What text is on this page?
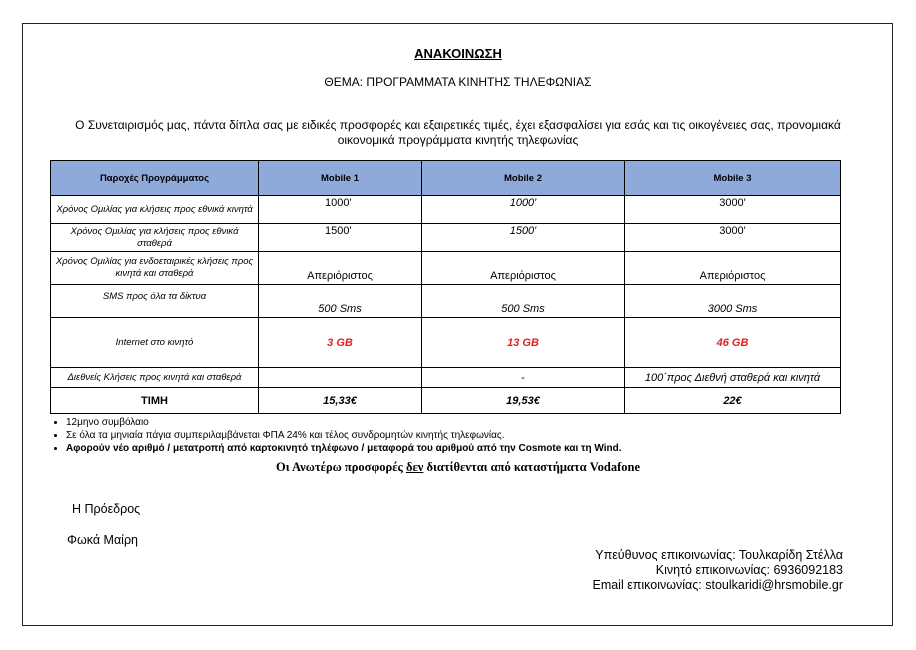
ΑΝΑΚΟΙΝΩΣΗ
ΘΕΜΑ: ΠΡΟΓΡΑΜΜΑΤΑ ΚΙΝΗΤΗΣ ΤΗΛΕΦΩΝΙΑΣ
Ο Συνεταιρισμός μας, πάντα δίπλα σας με ειδικές προσφορές και εξαιρετικές τιμές, έχει εξασφαλίσει για εσάς και τις οικογένειες σας, προνομιακά
οικονομικά προγράμματα κινητής τηλεφωνίας
Παροχές Προγράμματος	Mobile 1	Mobile 2	Mobile 3
Χρόνος Ομιλίας για κλήσεις προς εθνικά κινητά	1000'	1000'	3000'
Χρόνος Ομιλίας για κλήσεις προς εθνικά σταθερά	1500'	1500'	3000'
Χρόνος Ομιλίας για ενδοεταιρικές κλήσεις προς κινητά και σταθερά	Απεριόριστος	Απεριόριστος	Απεριόριστος
SMS προς όλα τα δίκτυα	500 Sms	500 Sms	3000 Sms
Internet στο κινητό	3 GB	13 GB	46 GB
Διεθνείς Κλήσεις προς κινητά και σταθερά		-	100΄προς Διεθνή σταθερά και κινητά
ΤΙΜΗ	15,33€	19,53€	22€
• 12μηνο συμβόλαιο
• Σε όλα τα μηνιαία πάγια συμπεριλαμβάνεται ΦΠΑ 24% και τέλος συνδρομητών κινητής τηλεφωνίας.
• Αφορούν νέο αριθμό / μετατροπή από καρτοκινητό τηλέφωνο / μεταφορά του αριθμού από την Cosmote και τη Wind.
Οι Ανωτέρω προσφορές δεν διατίθενται από καταστήματα Vodafone
Η Πρόεδρος
Φωκά Μαίρη
Υπεύθυνος επικοινωνίας: Τουλκαρίδη Στέλλα
Κινητό επικοινωνίας: 6936092183
Email επικοινωνίας: stoulkaridi@hrsmobile.gr
